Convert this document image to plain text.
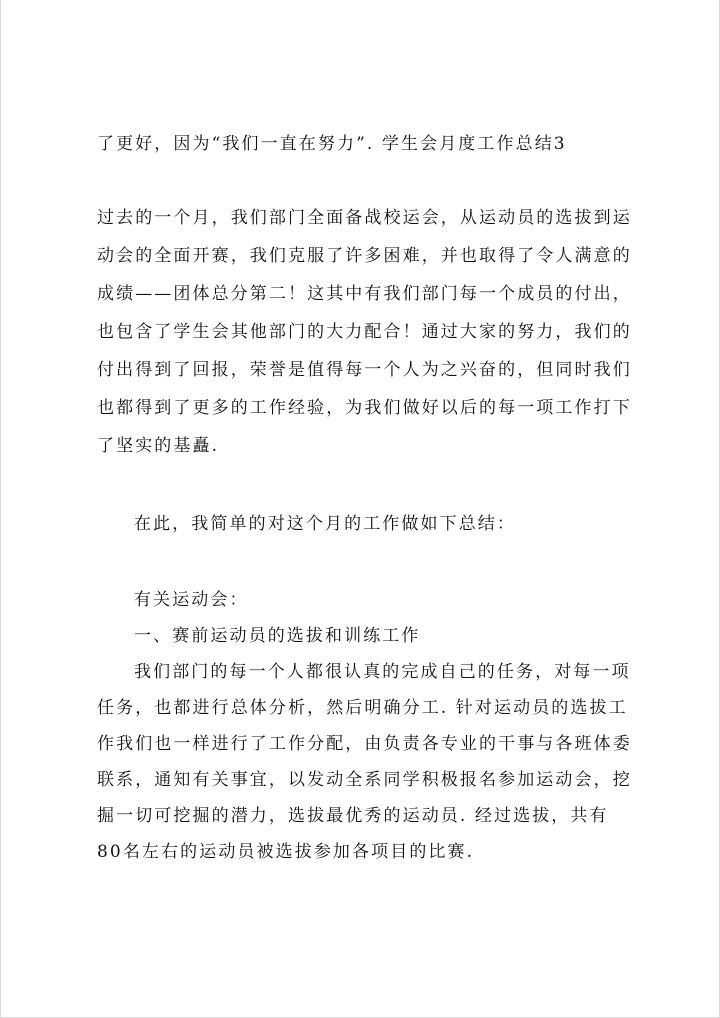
了更好，因为“我们一直在努力”. 学生会月度工作总结3
过去的一个月，我们部门全面备战校运会，从运动员的选拔到运
动会的全面开赛，我们克服了许多困难，并也取得了令人满意的
成绩——团体总分第二！这其中有我们部门每一个成员的付出，
也包含了学生会其他部门的大力配合！通过大家的努力，我们的
付出得到了回报，荣誉是值得每一个人为之兴奋的，但同时我们
也都得到了更多的工作经验，为我们做好以后的每一项工作打下
了坚实的基矗.
在此，我简单的对这个月的工作做如下总结：
有关运动会：
一、赛前运动员的选拔和训练工作
我们部门的每一个人都很认真的完成自己的任务，对每一项
任务，也都进行总体分析，然后明确分工. 针对运动员的选拔工
作我们也一样进行了工作分配，由负责各专业的干事与各班体委
联系，通知有关事宜，以发动全系同学积极报名参加运动会，挖
掘一切可挖掘的潜力，选拔最优秀的运动员. 经过选拔，共有
80名左右的运动员被选拔参加各项目的比赛.
